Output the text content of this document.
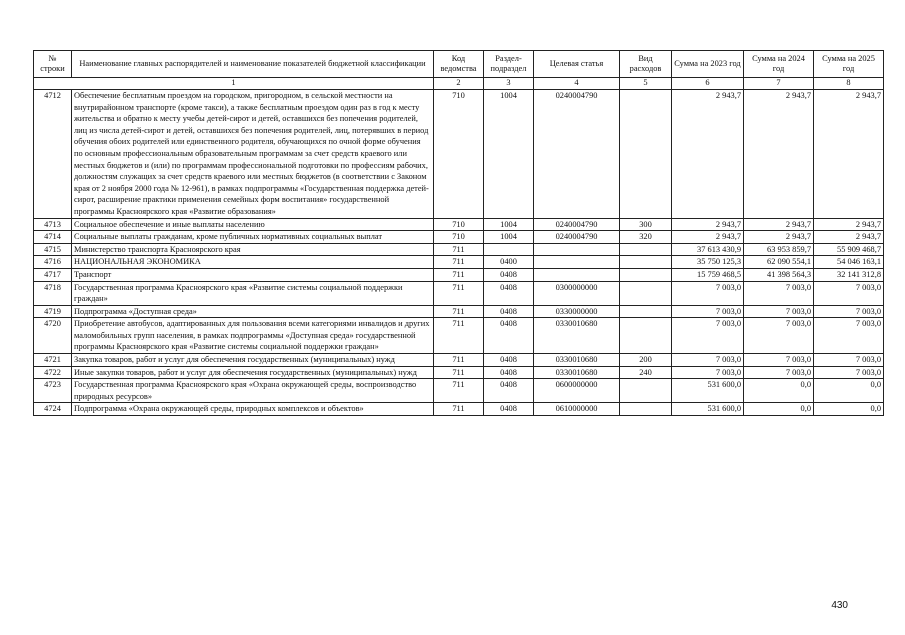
№ строки	Наименование главных распорядителей и наименование показателей бюджетной классификации	Код ведомства	Раздел-подраздел	Целевая статья	Вид расходов	Сумма на 2023 год	Сумма на 2024 год	Сумма на 2025 год
1		2	3	4	5	6	7	8
4712	Обеспечение бесплатным проездом на городском, пригородном, в сельской местности на внутрирайонном транспорте (кроме такси), а также бесплатным проездом один раз в год к месту жительства и обратно к месту учебы детей-сирот и детей, оставшихся без попечения родителей, лиц из числа детей-сирот и детей, оставшихся без попечения родителей, лиц, потерявших в период обучения обоих родителей или единственного родителя, обучающихся по очной форме обучения по основным профессиональным образовательным программам за счет средств краевого или местных бюджетов и (или) по программам профессиональной подготовки по профессиям рабочих, должностям служащих за счет средств краевого или местных бюджетов (в соответствии с Законом края от 2 ноября 2000 года № 12-961), в рамках подпрограммы «Государственная поддержка детей-сирот, расширение практики применения семейных форм воспитания» государственной программы Красноярского края «Развитие образования»	710	1004	0240004790		2 943,7	2 943,7	2 943,7
4713	Социальное обеспечение и иные выплаты населению	710	1004	0240004790	300	2 943,7	2 943,7	2 943,7
4714	Социальные выплаты гражданам, кроме публичных нормативных социальных выплат	710	1004	0240004790	320	2 943,7	2 943,7	2 943,7
4715	Министерство транспорта Красноярского края	711				37 613 430,9	63 953 859,7	55 909 468,7
4716	НАЦИОНАЛЬНАЯ ЭКОНОМИКА	711	0400			35 750 125,3	62 090 554,1	54 046 163,1
4717	Транспорт	711	0408			15 759 468,5	41 398 564,3	32 141 312,8
4718	Государственная программа Красноярского края «Развитие системы социальной поддержки граждан»	711	0408	0300000000		7 003,0	7 003,0	7 003,0
4719	Подпрограмма «Доступная среда»	711	0408	0330000000		7 003,0	7 003,0	7 003,0
4720	Приобретение автобусов, адаптированных для пользования всеми категориями инвалидов и других маломобильных групп населения, в рамках подпрограммы «Доступная среда» государственной программы Красноярского края «Развитие системы социальной поддержки граждан»	711	0408	0330010680		7 003,0	7 003,0	7 003,0
4721	Закупка товаров, работ и услуг для обеспечения государственных (муниципальных) нужд	711	0408	0330010680	200	7 003,0	7 003,0	7 003,0
4722	Иные закупки товаров, работ и услуг для обеспечения государственных (муниципальных) нужд	711	0408	0330010680	240	7 003,0	7 003,0	7 003,0
4723	Государственная программа Красноярского края «Охрана окружающей среды, воспроизводство природных ресурсов»	711	0408	0600000000		531 600,0	0,0	0,0
4724	Подпрограмма «Охрана окружающей среды, природных комплексов и объектов»	711	0408	0610000000		531 600,0	0,0	0,0
430
